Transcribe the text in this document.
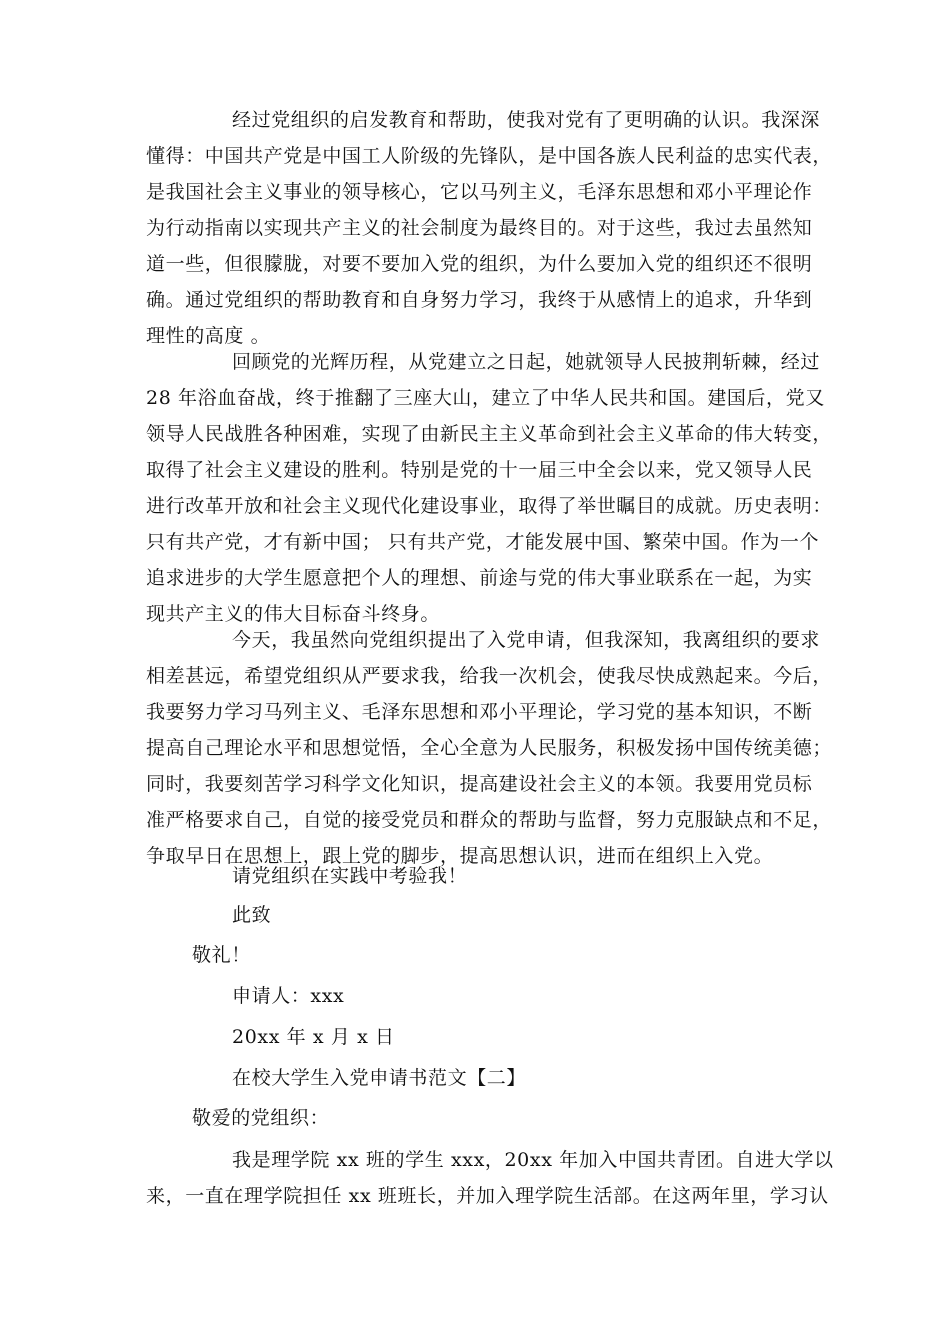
经过党组织的启发教育和帮助，使我对党有了更明确的认识。我深深
懂得：中国共产党是中国工人阶级的先锋队，是中国各族人民利益的忠实代表，
是我国社会主义事业的领导核心，它以马列主义，毛泽东思想和邓小平理论作
为行动指南以实现共产主义的社会制度为最终目的。对于这些，我过去虽然知
道一些，但很朦胧，对要不要加入党的组织，为什么要加入党的组织还不很明
确。通过党组织的帮助教育和自身努力学习，我终于从感情上的追求，升华到
理性的高度 。
回顾党的光辉历程，从党建立之日起，她就领导人民披荆斩棘，经过
28 年浴血奋战，终于推翻了三座大山，建立了中华人民共和国。建国后，党又
领导人民战胜各种困难，实现了由新民主主义革命到社会主义革命的伟大转变，
取得了社会主义建设的胜利。特别是党的十一届三中全会以来，党又领导人民
进行改革开放和社会主义现代化建设事业，取得了举世瞩目的成就。历史表明：
只有共产党，才有新中国； 只有共产党，才能发展中国、繁荣中国。作为一个
追求进步的大学生愿意把个人的理想、前途与党的伟大事业联系在一起，为实
现共产主义的伟大目标奋斗终身。
今天，我虽然向党组织提出了入党申请，但我深知，我离组织的要求
相差甚远，希望党组织从严要求我，给我一次机会，使我尽快成熟起来。今后，
我要努力学习马列主义、毛泽东思想和邓小平理论，学习党的基本知识，不断
提高自己理论水平和思想觉悟，全心全意为人民服务，积极发扬中国传统美德；
同时，我要刻苦学习科学文化知识，提高建设社会主义的本领。我要用党员标
准严格要求自己，自觉的接受党员和群众的帮助与监督，努力克服缺点和不足，
争取早日在思想上，跟上党的脚步，提高思想认识，进而在组织上入党。
请党组织在实践中考验我！
此致
敬礼！
申请人：xxx
20xx 年 x 月 x 日
在校大学生入党申请书范文【二】
敬爱的党组织：
我是理学院 xx 班的学生 xxx，20xx 年加入中国共青团。自进大学以
来，一直在理学院担任 xx 班班长，并加入理学院生活部。在这两年里，学习认
